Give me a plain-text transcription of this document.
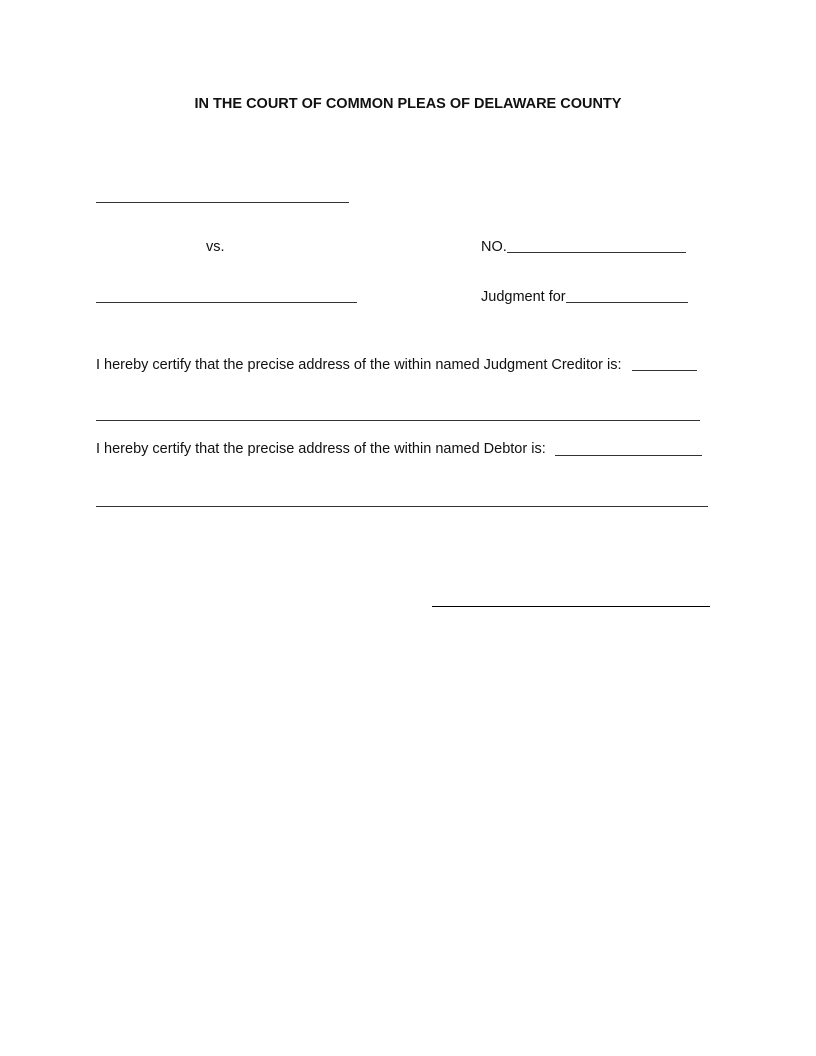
IN THE COURT OF COMMON PLEAS OF DELAWARE COUNTY
vs.	NO.
Judgment for
I hereby certify that the precise address of the within named Judgment Creditor is:
I hereby certify that the precise address of the within named Debtor is:
